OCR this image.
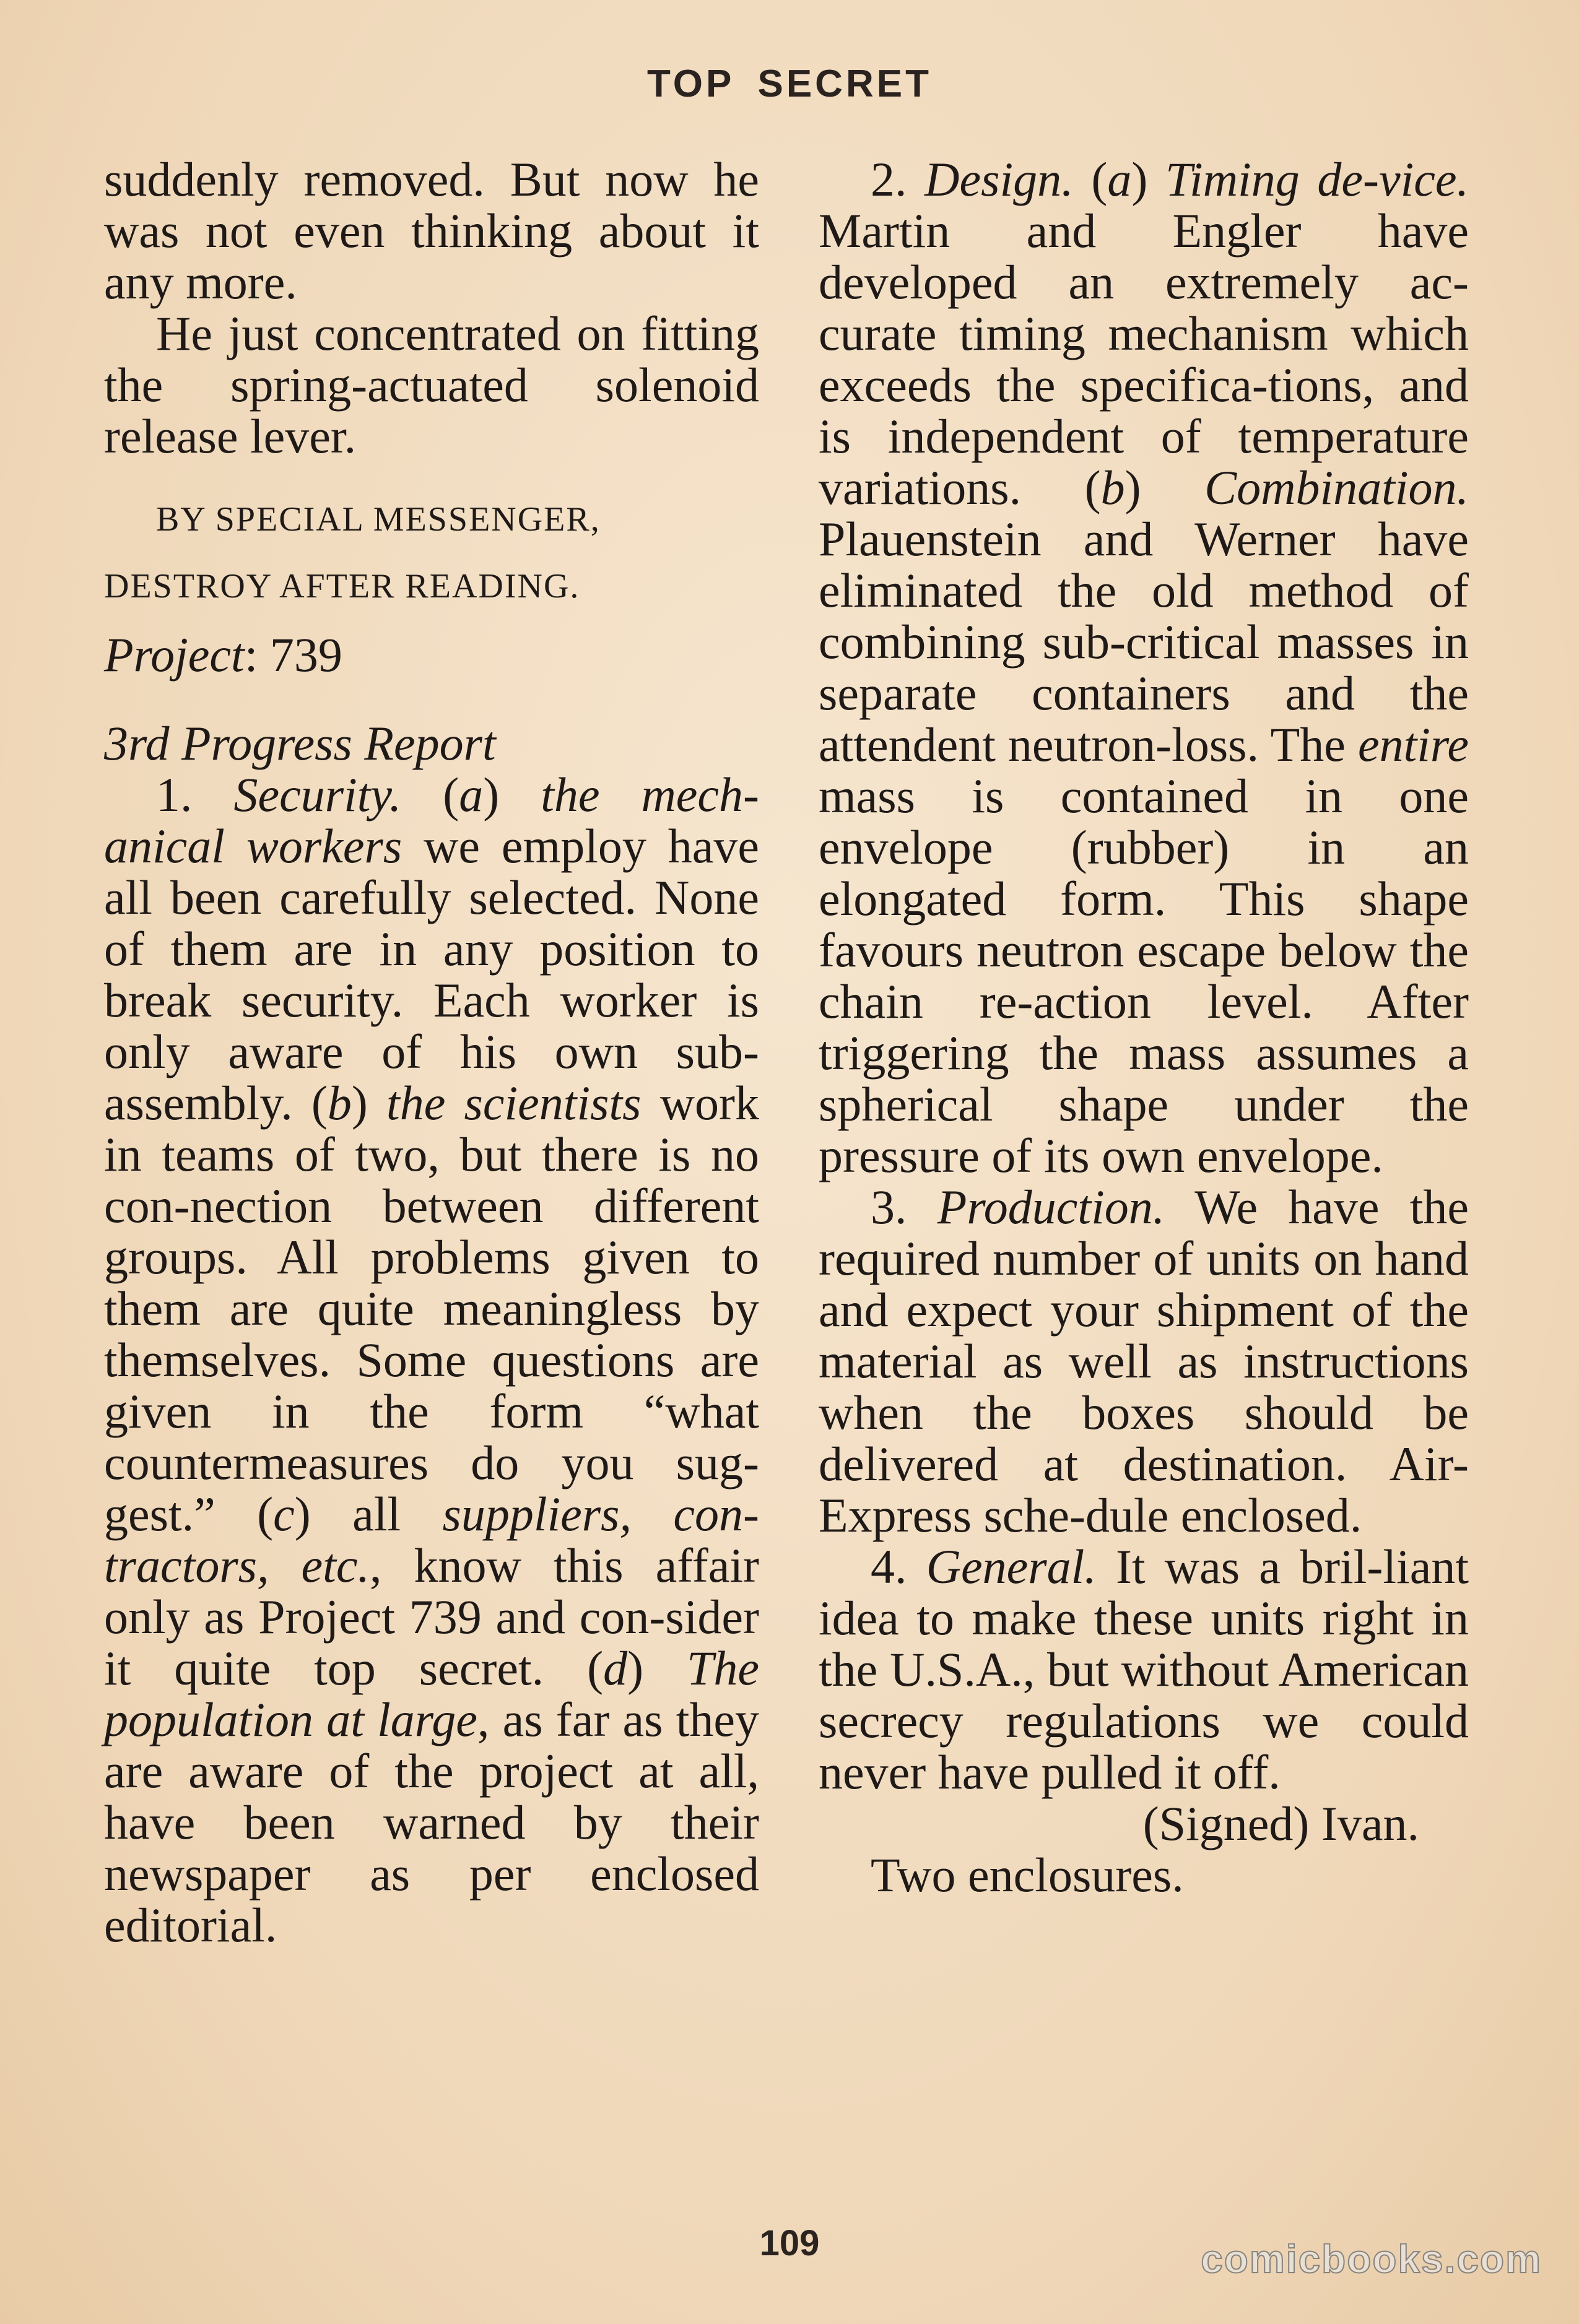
TOP SECRET

suddenly removed. But now he was not even thinking about it any more.

He just concentrated on fitting the spring-actuated solenoid release lever.

BY SPECIAL MESSENGER,

DESTROY AFTER READING.

Project: 739

3rd Progress Report

1. Security. (a) the mech-anical workers we employ have all been carefully selected. None of them are in any position to break security. Each worker is only aware of his own sub-assembly. (b) the scientists work in teams of two, but there is no con-nection between different groups. All problems given to them are quite meaningless by themselves. Some questions are given in the form “what countermeasures do you sug-gest.” (c) all suppliers, con-tractors, etc., know this affair only as Project 739 and con-sider it quite top secret. (d) The population at large, as far as they are aware of the project at all, have been warned by their newspaper as per enclosed editorial.

2. Design. (a) Timing de-vice. Martin and Engler have developed an extremely ac-curate timing mechanism which exceeds the specifica-tions, and is independent of temperature variations. (b) Combination. Plauenstein and Werner have eliminated the old method of combining sub-critical masses in separate containers and the attendent neutron-loss. The entire mass is contained in one envelope (rubber) in an elongated form. This shape favours neutron escape below the chain re-action level. After triggering the mass assumes a spherical shape under the pressure of its own envelope.

3. Production. We have the required number of units on hand and expect your shipment of the material as well as instructions when the boxes should be delivered at destination. Air-Express sche-dule enclosed.

4. General. It was a bril-liant idea to make these units right in the U.S.A., but without American secrecy regulations we could never have pulled it off.

(Signed) Ivan.

Two enclosures.

109	comicbooks.com
